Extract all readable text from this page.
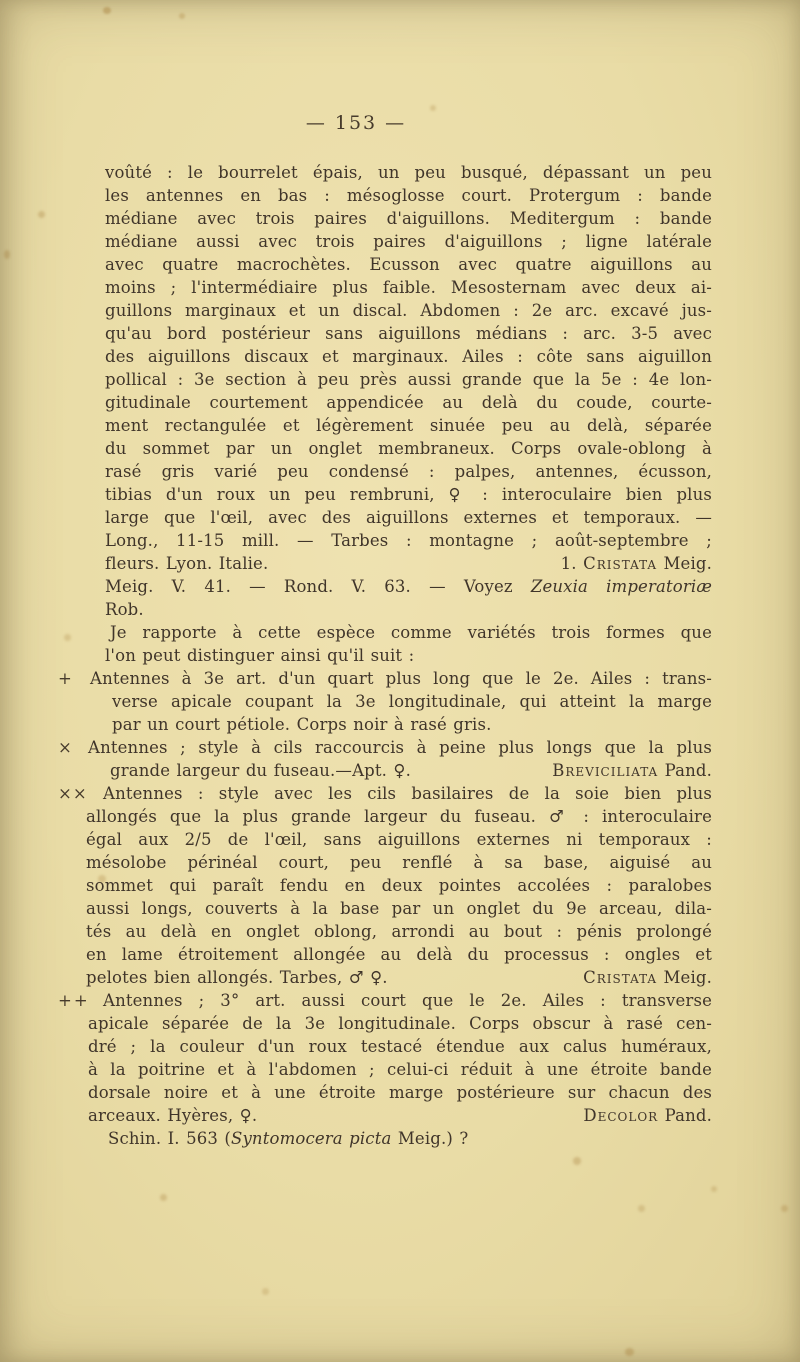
— 153 —
voûté : le bourrelet épais, un peu busqué, dépassant un peu
les antennes en bas : mésoglosse court. Protergum : bande
médiane avec trois paires d'aiguillons. Meditergum : bande
médiane aussi avec trois paires d'aiguillons ; ligne latérale
avec quatre macrochètes. Ecusson avec quatre aiguillons au
moins ; l'intermédiaire plus faible. Mesosternam avec deux ai-
guillons marginaux et un discal. Abdomen : 2e arc. excavé jus-
qu'au bord postérieur sans aiguillons médians : arc. 3-5 avec
des aiguillons discaux et marginaux. Ailes : côte sans aiguillon
pollical : 3e section à peu près aussi grande que la 5e : 4e lon-
gitudinale courtement appendicée au delà du coude, courte-
ment rectangulée et légèrement sinuée peu au delà, séparée
du sommet par un onglet membraneux. Corps ovale-oblong à
rasé gris varié peu condensé : palpes, antennes, écusson,
tibias d'un roux un peu rembruni, ♀ : interoculaire bien plus
large que l'œil, avec des aiguillons externes et temporaux. —
Long., 11-15 mill. — Tarbes : montagne ; août-septembre ;
fleurs. Lyon. Italie.	1. Cristata Meig.
Meig. V. 41. — Rond. V. 63. — Voyez Zeuxia imperatoriæ
Rob.
Je rapporte à cette espèce comme variétés trois formes que
l'on peut distinguer ainsi qu'il suit :
+ Antennes à 3e art. d'un quart plus long que le 2e. Ailes : trans-
verse apicale coupant la 3e longitudinale, qui atteint la marge
par un court pétiole. Corps noir à rasé gris.
× Antennes ; style à cils raccourcis à peine plus longs que la plus
grande largeur du fuseau.—Apt. ♀.	Breviciliata Pand.
×× Antennes : style avec les cils basilaires de la soie bien plus
allongés que la plus grande largeur du fuseau. ♂ : interoculaire
égal aux 2/5 de l'œil, sans aiguillons externes ni temporaux :
mésolobe périnéal court, peu renflé à sa base, aiguisé au
sommet qui paraît fendu en deux pointes accolées : paralobes
aussi longs, couverts à la base par un onglet du 9e arceau, dila-
tés au delà en onglet oblong, arrondi au bout : pénis prolongé
en lame étroitement allongée au delà du processus : ongles et
pelotes bien allongés. Tarbes, ♂ ♀.	Cristata Meig.
++ Antennes ; 3° art. aussi court que le 2e. Ailes : transverse
apicale séparée de la 3e longitudinale. Corps obscur à rasé cen-
dré ; la couleur d'un roux testacé étendue aux calus huméraux,
à la poitrine et à l'abdomen ; celui-ci réduit à une étroite bande
dorsale noire et à une étroite marge postérieure sur chacun des
arceaux. Hyères, ♀.	Decolor Pand.
Schin. I. 563 (Syntomocera picta Meig.) ?
